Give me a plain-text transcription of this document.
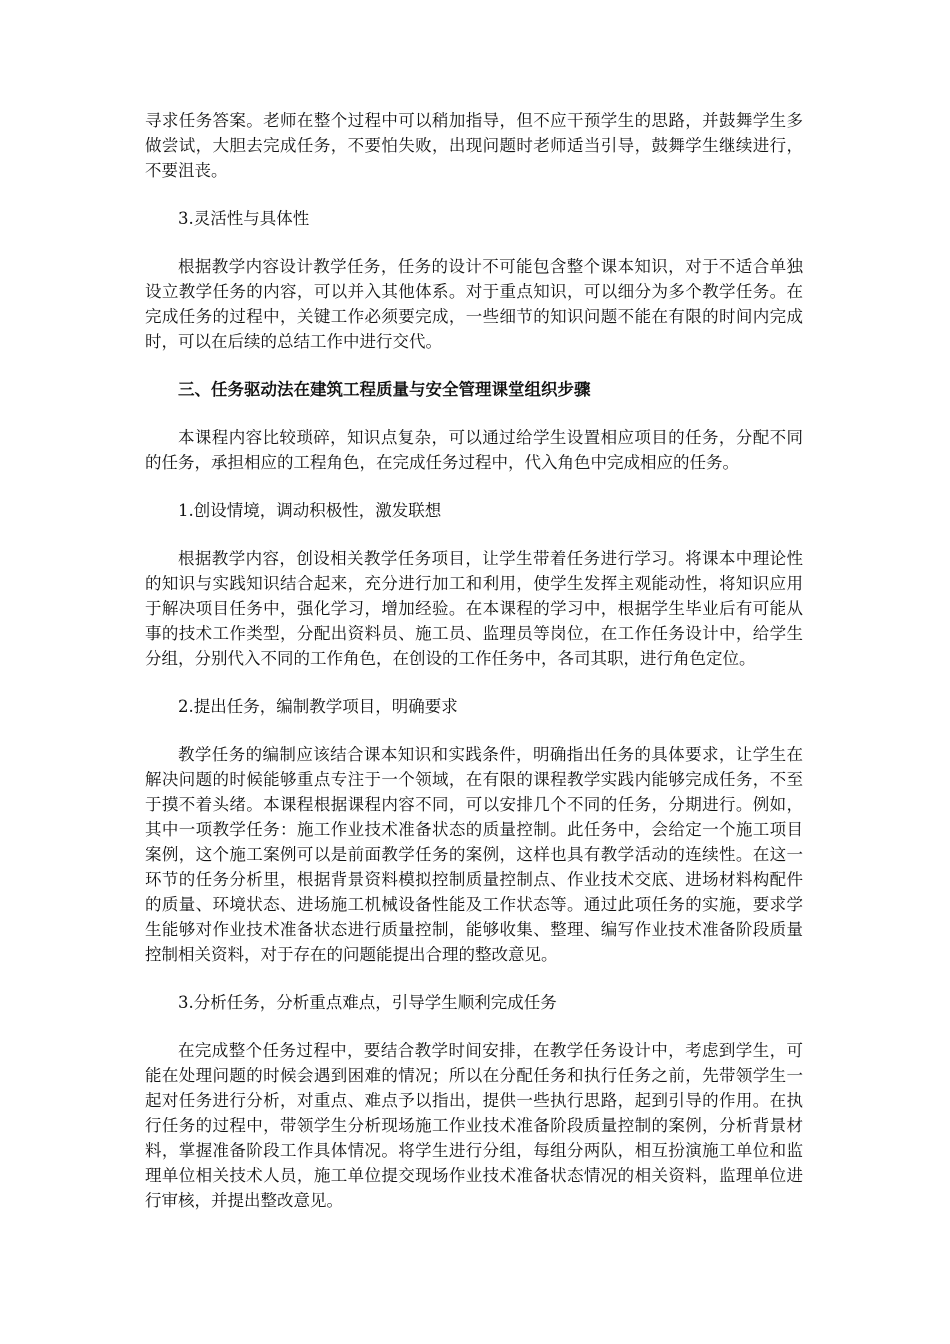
寻求任务答案。老师在整个过程中可以稍加指导，但不应干预学生的思路，并鼓舞学生多做尝试，大胆去完成任务，不要怕失败，出现问题时老师适当引导，鼓舞学生继续进行，不要沮丧。

3.灵活性与具体性

根据教学内容设计教学任务，任务的设计不可能包含整个课本知识，对于不适合单独设立教学任务的内容，可以并入其他体系。对于重点知识，可以细分为多个教学任务。在完成任务的过程中，关键工作必须要完成，一些细节的知识问题不能在有限的时间内完成时，可以在后续的总结工作中进行交代。

三、任务驱动法在建筑工程质量与安全管理课堂组织步骤

本课程内容比较琐碎，知识点复杂，可以通过给学生设置相应项目的任务，分配不同的任务，承担相应的工程角色，在完成任务过程中，代入角色中完成相应的任务。

1.创设情境，调动积极性，激发联想

根据教学内容，创设相关教学任务项目，让学生带着任务进行学习。将课本中理论性的知识与实践知识结合起来，充分进行加工和利用，使学生发挥主观能动性，将知识应用于解决项目任务中，强化学习，增加经验。在本课程的学习中，根据学生毕业后有可能从事的技术工作类型，分配出资料员、施工员、监理员等岗位，在工作任务设计中，给学生分组，分别代入不同的工作角色，在创设的工作任务中，各司其职，进行角色定位。

2.提出任务，编制教学项目，明确要求

教学任务的编制应该结合课本知识和实践条件，明确指出任务的具体要求，让学生在解决问题的时候能够重点专注于一个领域，在有限的课程教学实践内能够完成任务，不至于摸不着头绪。本课程根据课程内容不同，可以安排几个不同的任务，分期进行。例如，其中一项教学任务：施工作业技术准备状态的质量控制。此任务中，会给定一个施工项目案例，这个施工案例可以是前面教学任务的案例，这样也具有教学活动的连续性。在这一环节的任务分析里，根据背景资料模拟控制质量控制点、作业技术交底、进场材料构配件的质量、环境状态、进场施工机械设备性能及工作状态等。通过此项任务的实施，要求学生能够对作业技术准备状态进行质量控制，能够收集、整理、编写作业技术准备阶段质量控制相关资料，对于存在的问题能提出合理的整改意见。

3.分析任务，分析重点难点，引导学生顺利完成任务

在完成整个任务过程中，要结合教学时间安排，在教学任务设计中，考虑到学生，可能在处理问题的时候会遇到困难的情况；所以在分配任务和执行任务之前，先带领学生一起对任务进行分析，对重点、难点予以指出，提供一些执行思路，起到引导的作用。在执行任务的过程中，带领学生分析现场施工作业技术准备阶段质量控制的案例，分析背景材料，掌握准备阶段工作具体情况。将学生进行分组，每组分两队，相互扮演施工单位和监理单位相关技术人员，施工单位提交现场作业技术准备状态情况的相关资料，监理单位进行审核，并提出整改意见。
